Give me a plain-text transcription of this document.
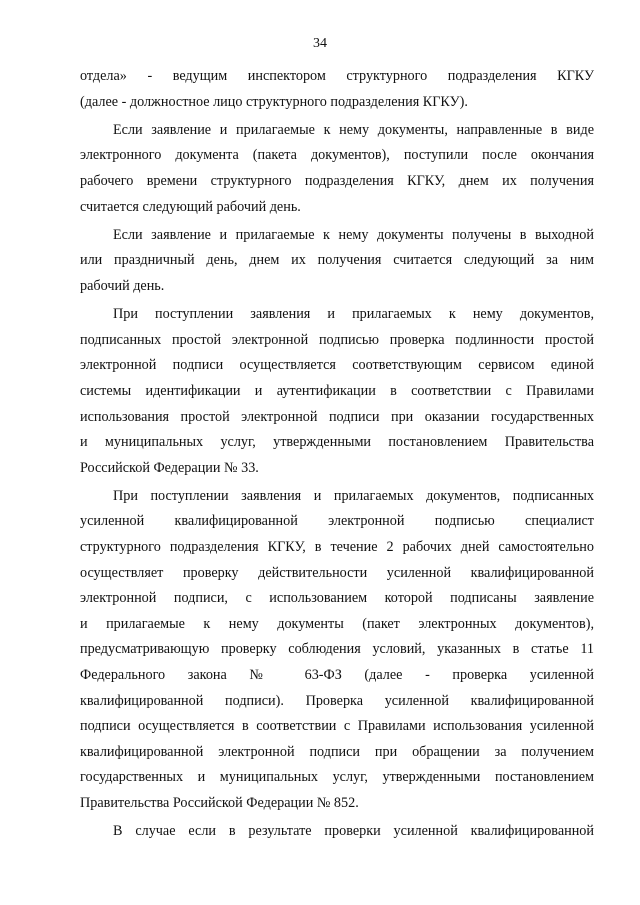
34
отдела» - ведущим инспектором структурного подразделения КГКУ
(далее - должностное лицо структурного подразделения КГКУ).
Если заявление и прилагаемые к нему документы, направленные в виде
электронного документа (пакета документов), поступили после окончания
рабочего времени структурного подразделения КГКУ, днем их получения
считается следующий рабочий день.
Если заявление и прилагаемые к нему документы получены в выходной
или праздничный день, днем их получения считается следующий за ним
рабочий день.
При поступлении заявления и прилагаемых к нему документов,
подписанных простой электронной подписью проверка подлинности простой
электронной подписи осуществляется соответствующим сервисом единой
системы идентификации и аутентификации в соответствии с Правилами
использования простой электронной подписи при оказании государственных
и муниципальных услуг, утвержденными постановлением Правительства
Российской Федерации № 33.
При поступлении заявления и прилагаемых документов, подписанных
усиленной квалифицированной электронной подписью специалист
структурного подразделения КГКУ, в течение 2 рабочих дней самостоятельно
осуществляет проверку действительности усиленной квалифицированной
электронной подписи, с использованием которой подписаны заявление
и прилагаемые к нему документы (пакет электронных документов),
предусматривающую проверку соблюдения условий, указанных в статье 11
Федерального закона № 63-ФЗ (далее - проверка усиленной
квалифицированной подписи). Проверка усиленной квалифицированной
подписи осуществляется в соответствии с Правилами использования усиленной
квалифицированной электронной подписи при обращении за получением
государственных и муниципальных услуг, утвержденными постановлением
Правительства Российской Федерации № 852.
В случае если в результате проверки усиленной квалифицированной
